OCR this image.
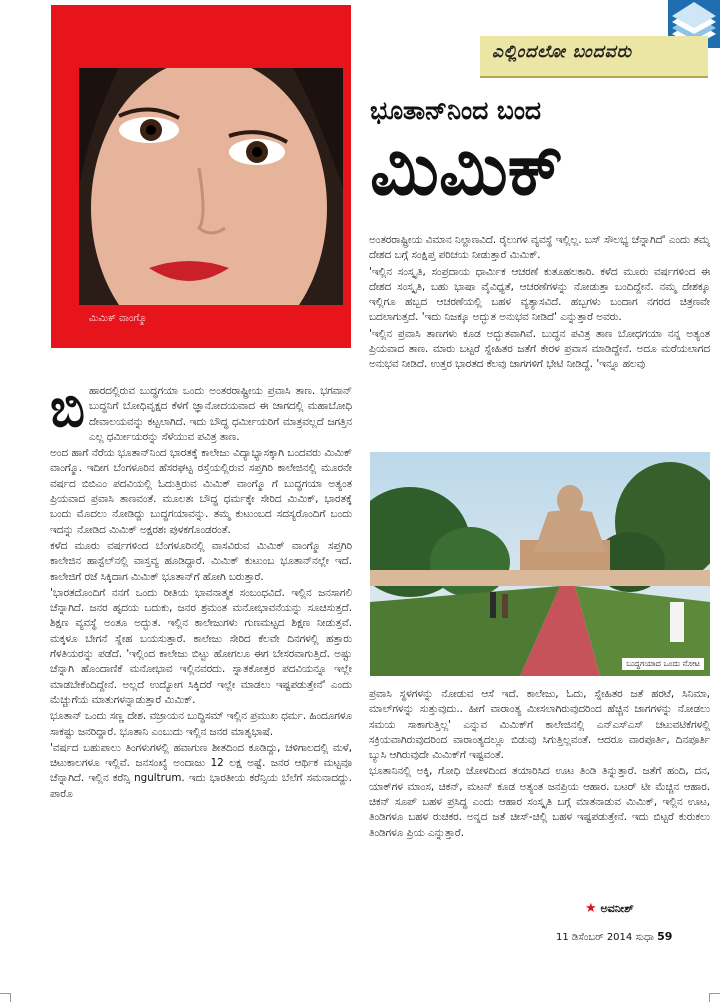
ಎಲ್ಲಿಂದಲೋ ಬಂದವರು
ಮಿಮಿಕ್ ವಾಂಗ್ಮೊ
ಭೂತಾನ್‌ನಿಂದ ಬಂದ
ಮಿಮಿಕ್
ಬಿ ಹಾರದಲ್ಲಿರುವ ಬುದ್ಧಗಯಾ ಒಂದು ಅಂತರರಾಷ್ಟ್ರೀಯ ಪ್ರವಾಸಿ ತಾಣ. ಭಗವಾನ್ ಬುದ್ಧನಿಗೆ ಬೋಧಿವೃಕ್ಷದ ಕೆಳಗೆ ಜ್ಞಾನೋದಯವಾದ ಈ ಜಾಗದಲ್ಲಿ ಮಹಾಬೋಧಿ ದೇವಾಲಯವನ್ನು ಕಟ್ಟಲಾಗಿದೆ. ಇದು ಬೌದ್ಧ ಧರ್ಮೀಯರಿಗೆ ಮಾತ್ರವಲ್ಲದೆ ಜಗತ್ತಿನ ಎಲ್ಲ ಧರ್ಮೀಯರನ್ನು ಸೆಳೆಯುವ ಪವಿತ್ರ ತಾಣ.

ಅಂದ ಹಾಗೆ ನೆರೆಯ ಭೂತಾನ್‌ನಿಂದ ಭಾರತಕ್ಕೆ ಕಾಲೇಜು ವಿದ್ಯಾಭ್ಯಾಸಕ್ಕಾಗಿ ಬಂದವರು ಮಿಮಿಕ್ ವಾಂಗ್ಮೊ. ಇದೀಗ ಬೆಂಗಳೂರಿನ ಹೆಸರಘಟ್ಟ ರಸ್ತೆಯಲ್ಲಿರುವ ಸಪ್ತಗಿರಿ ಕಾಲೇಜಿನಲ್ಲಿ ಮೂರನೇ ವರ್ಷದ ಬಿಬಿಎಂ ಪದವಿಯಲ್ಲಿ ಓದುತ್ತಿರುವ ಮಿಮಿಕ್ ವಾಂಗ್ಮೊ ಗೆ ಬುದ್ಧಗಯಾ ಅತ್ಯಂತ ಪ್ರಿಯವಾದ ಪ್ರವಾಸಿ ತಾಣವಂತೆ. ಮೂಲತಃ ಬೌದ್ಧ ಧರ್ಮಕ್ಕೇ ಸೇರಿದ ಮಿಮಿಕ್, ಭಾರತಕ್ಕೆ ಬಂದು ಮೊದಲು ನೋಡಿದ್ದು ಬುದ್ಧಗಯಾವನ್ನು. ತಮ್ಮ ಕುಟುಂಬದ ಸದಸ್ಯರೊಂದಿಗೆ ಬಂದು ಇದನ್ನು ನೋಡಿದ ಮಿಮಿಕ್ ಅಕ್ಷರಶಃ ಪುಳಕಗೊಂಡರಂತೆ.

ಕಳೆದ ಮೂರು ವರ್ಷಗಳಿಂದ ಬೆಂಗಳೂರಿನಲ್ಲಿ ವಾಸವಿರುವ ಮಿಮಿಕ್ ವಾಂಗ್ಮೊ ಸಪ್ತಗಿರಿ ಕಾಲೇಜಿನ ಹಾಸ್ಟೆಲ್‌ನಲ್ಲಿ ವಾಸ್ತವ್ಯ ಹೂಡಿದ್ದಾರೆ. ಮಿಮಿಕ್ ಕುಟುಂಬ ಭೂತಾನ್‌ನಲ್ಲೇ ಇದೆ. ಕಾಲೇಜಿಗೆ ರಜೆ ಸಿಕ್ಕಿದಾಗ ಮಿಮಿಕ್ ಭೂತಾನ್‌ಗೆ ಹೋಗಿ ಬರುತ್ತಾರೆ.

'ಭಾರತದೊಂದಿಗೆ ನನಗೆ ಒಂದು ರೀತಿಯ ಭಾವನಾತ್ಮಕ ಸಂಬಂಧವಿದೆ. ಇಲ್ಲಿನ ಜನಸಾಗಲಿ ಚೆನ್ನಾಗಿದೆ. ಜನರ ಹೃದಯ ಬದುಕು, ಜನರ ಶ್ರಮಂತ ಮನೋಭಾವನೆಯನ್ನು ಸೂಚಿಸುತ್ತದೆ. ಶಿಕ್ಷಣ ವ್ಯವಸ್ಥೆ ಅಂತೂ ಅದ್ಭುತ. ಇಲ್ಲಿನ ಕಾಲೇಜುಗಳು ಗುಣಮಟ್ಟದ ಶಿಕ್ಷಣ ನೀಡುತ್ತವೆ. ಮಕ್ಕಳೂ ಬೇಗನೆ ಸ್ನೇಹ ಬಯಸುತ್ತಾರೆ. ಕಾಲೇಜು ಸೇರಿದ ಕೆಲವೇ ದಿನಗಳಲ್ಲಿ ಹತ್ತಾರು ಗೆಳತಿಯರನ್ನು ಪಡೆದೆ. 'ಇಲ್ಲಿಂದ ಕಾಲೇಜು ಬಿಟ್ಟು ಹೋಗಲೂ ಈಗ ಬೇಸರವಾಗುತ್ತಿದೆ. ಅಷ್ಟು ಚೆನ್ನಾಗಿ ಹೊಂದಾಣಿಕೆ ಮನೋಭಾವ ಇಲ್ಲಿನವರದು. ಸ್ನಾತಕೋತ್ತರ ಪದವಿಯನ್ನೂ ಇಲ್ಲೇ ಮಾಡಬೇಕೆಂದಿದ್ದೇನೆ. ಅಲ್ಲದೆ ಉದ್ಯೋಗ ಸಿಕ್ಕಿದರೆ ಇಲ್ಲೇ ಮಾಡಲು ಇಷ್ಟಪಡುತ್ತೇನೆ' ಎಂದು ಮೆಚ್ಚುಗೆಯ ಮಾತುಗಳನ್ನಾಡುತ್ತಾರೆ ಮಿಮಿಕ್.

ಭೂತಾನ್ ಒಂದು ಸಣ್ಣ ದೇಶ. ವಜ್ರಾಯನ ಬುದ್ಧಿಸಮ್ ಇಲ್ಲಿನ ಪ್ರಮುಖ ಧರ್ಮ. ಹಿಂದೂಗಳೂ ಸಾಕಷ್ಟು ಜನರಿದ್ದಾರೆ. ಭೂತಾನಿ ಎಂಬುದು ಇಲ್ಲಿನ ಜನರ ಮಾತೃಭಾಷೆ.

'ವರ್ಷದ ಬಹುಪಾಲು ತಿಂಗಳುಗಳಲ್ಲಿ ಹವಾಗುಣ ಶೀತದಿಂದ ಕೂಡಿದ್ದು, ಚಳಿಗಾಲದಲ್ಲಿ ಮಳೆ, ಚಿಟುಕಾಲಗಳೂ ಇಲ್ಲಿವೆ. ಜನಸಂಖ್ಯೆ ಅಂದಾಜು 12 ಲಕ್ಷ ಅಷ್ಟೆ. ಜನರ ಆರ್ಥಿಕ ಮಟ್ಟವೂ ಚೆನ್ನಾಗಿದೆ. ಇಲ್ಲಿನ ಕರೆನ್ಸಿ ngultrum. ಇದು ಭಾರತೀಯ ಕರೆನ್ಸಿಯ ಬೆಲೆಗೆ ಸಮನಾದದ್ದು. ಪಾರೊ

ಅಂತರರಾಷ್ಟ್ರೀಯ ವಿಮಾನ ನಿಲ್ದಾಣವಿದೆ. ರೈಲುಗಳ ವ್ಯವಸ್ಥೆ ಇಲ್ಲಿಲ್ಲ. ಬಸ್ ಸೌಲಭ್ಯ ಚೆನ್ನಾಗಿದೆ' ಎಂದು ತಮ್ಮ ದೇಶದ ಬಗ್ಗೆ ಸಂಕ್ಷಿಪ್ತ ಪರಿಚಯ ನೀಡುತ್ತಾರೆ ಮಿಮಿಕ್.

'ಇಲ್ಲಿನ ಸಂಸ್ಕೃತಿ, ಸಂಪ್ರದಾಯ ಧಾರ್ಮಿಕ ಆಚರಣೆ ಕುತೂಹಲಕಾರಿ. ಕಳೆದ ಮೂರು ವರ್ಷಗಳಿಂದ ಈ ದೇಶದ ಸಂಸ್ಕೃತಿ, ಬಹು ಭಾಷಾ ವೈವಿಧ್ಯತೆ, ಆಚರಣೆಗಳನ್ನು ನೋಡುತ್ತಾ ಬಂದಿದ್ದೇನೆ. ನಮ್ಮ ದೇಶಕ್ಕೂ ಇಲ್ಲಿಗೂ ಹಬ್ಬದ ಆಚರಣೆಯಲ್ಲಿ ಬಹಳ ವ್ಯತ್ಯಾಸವಿದೆ. ಹಬ್ಬಗಳು ಬಂದಾಗ ನಗರದ ಚಿತ್ರಣವೇ ಬದಲಾಗುತ್ತದೆ. 'ಇದು ನಿಜಕ್ಕೂ ಅದ್ಭುತ ಅನುಭವ ನೀಡಿದೆ' ಎನ್ನುತ್ತಾರೆ ಅವರು.

'ಇಲ್ಲಿನ ಪ್ರವಾಸಿ ತಾಣಗಳು ಕೂಡ ಅದ್ಭುತವಾಗಿವೆ. ಬುದ್ಧನ ಪವಿತ್ರ ತಾಣ ಬೋಧಗಯಾ ನನ್ನ ಅತ್ಯಂತ ಪ್ರಿಯವಾದ ತಾಣ. ಮಾರು ಬಟ್ಟರೆ ಸ್ನೇಹಿತರ ಜತೆಗೆ ಕೇರಳ ಪ್ರವಾಸ ಮಾಡಿದ್ದೇನೆ. ಅದೂ ಮರೆಯಲಾಗದ ಅನುಭವ ನೀಡಿದೆ. ಉತ್ತರ ಭಾರತದ ಕೆಲವು ಜಾಗಗಳಿಗೆ ಭೇಟಿ ನೀಡಿದ್ದೆ. 'ಇನ್ನೂ ಹಲವು

ಬುದ್ಧಗಯಾದ ಒಂದು ನೋಟ

ಪ್ರವಾಸಿ ಸ್ಥಳಗಳನ್ನು ನೋಡುವ ಆಸೆ ಇದೆ. ಕಾಲೇಜು, ಓದು, ಸ್ನೇಹಿತರ ಜತೆ ಹರಟೆ, ಸಿನಿಮಾ, ಮಾಲ್‌ಗಳನ್ನು ಸುತ್ತುವುದು.. ಹೀಗೆ ವಾರಾಂತ್ಯ ಮೀಸಲಾಗಿರುವುದರಿಂದ ಹೆಚ್ಚಿನ ಜಾಗಗಳನ್ನು ನೋಡಲು ಸಮಯ ಸಾಕಾಗುತ್ತಿಲ್ಲ' ಎನ್ನುವ ಮಿಮಿಕ್‌ಗೆ ಕಾಲೇಜಿನಲ್ಲಿ ಎನ್‌ಎಸ್‌ಎಸ್ ಚಟುವಟಿಕೆಗಳಲ್ಲಿ ಸಕ್ರಿಯವಾಗಿರುವುದರಿಂದ ವಾರಾಂತ್ಯದಲ್ಲೂ ಬಿಡುವು ಸಿಗುತ್ತಿಲ್ಲವಂತೆ. ಆದರೂ ವಾರಪೂರ್ತಿ, ದಿನಪೂರ್ತಿ ಬ್ಯುಸಿ ಆಗಿರುವುದೇ ಮಿಮಿಕ್‌ಗೆ ಇಷ್ಟವಂತೆ.

ಭೂತಾನಿನಲ್ಲಿ ಅಕ್ಕಿ, ಗೋಧಿ ಜೋಳದಿಂದ ತಯಾರಿಸಿದ ಊಟ ತಿಂಡಿ ತಿನ್ನುತ್ತಾರೆ. ಜತೆಗೆ ಹಂದಿ, ದನ, ಯಾಕ್‌ಗಳ ಮಾಂಸ, ಚಿಕನ್, ಮಟನ್ ಕೂಡ ಅತ್ಯಂತ ಜನಪ್ರಿಯ ಆಹಾರ. ಬಟರ್ ಟೀ ಮೆಚ್ಚಿನ ಆಹಾರ. ಚಿಕನ್ ಸೂಪ್ ಬಹಳ ಪ್ರಸಿದ್ಧ ಎಂದು ಆಹಾರ ಸಂಸ್ಕೃತಿ ಬಗ್ಗೆ ಮಾತನಾಡುವ ಮಿಮಿಕ್, ಇಲ್ಲಿನ ಊಟ, ತಿಂಡಿಗಳೂ ಬಹಳ ರುಚಿಕರ. ಅನ್ನದ ಜತೆ ಚೀಸ್-ಚಿಲ್ಲಿ ಬಹಳ ಇಷ್ಟಪಡುತ್ತೇನೆ. ಇದು ಬಿಟ್ಟರೆ ಕುರುಕಲು ತಿಂಡಿಗಳೂ ಪ್ರಿಯ ಎನ್ನುತ್ತಾರೆ.

★ ಅವನೀಶ್
11 ಡಿಸೆಂಬರ್ 2014 ಸುಧಾ 59
